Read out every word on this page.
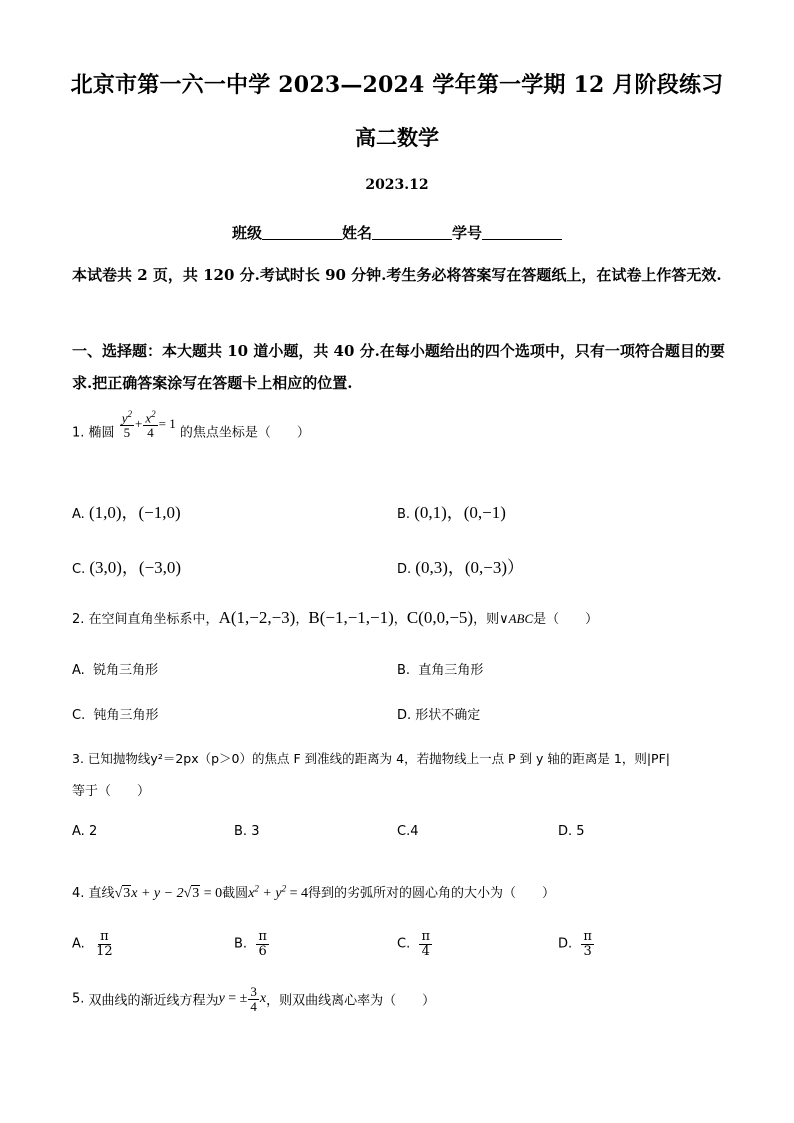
北京市第一六一中学 2023—2024 学年第一学期 12 月阶段练习
高二数学
2023.12
班级	姓名	学号
本试卷共 2 页，共 120 分.考试时长 90 分钟.考生务必将答案写在答题纸上，在试卷上作答无效.
一、选择题：本大题共 10 道小题，共 40 分.在每小题给出的四个选项中，只有一项符合题目的要求.把正确答案涂写在答题卡上相应的位置.
1. 椭圆 $\frac{y^2}{5} + \frac{x^2}{4} = 1$ 的焦点坐标是（　　）
A. (1,0)，(−1,0)	B. (0,1)，(0,−1)
C. (3,0)，(−3,0)	D. (0,3)，(0,−3)）
2. 在空间直角坐标系中，A(1,−2,−3)，B(−1,−1,−1)，C(0,0,−5)，则∨ABC是（　　）
A. 锐角三角形	B. 直角三角形
C. 钝角三角形	D. 形状不确定
3. 已知抛物线y²＝2px（p＞0）的焦点 F 到准线的距离为 4，若抛物线上一点 P 到 y 轴的距离是 1，则|PF|
等于（　　）
A. 2	B. 3	C.4	D. 5
4. 直线√3x + y − 2√3 = 0截圆$x^2 + y^2 = 4$得到的劣弧所对的圆心角的大小为（　　）
A. $\frac{\pi}{12}$	B. $\frac{\pi}{6}$	C. $\frac{\pi}{4}$	D. $\frac{\pi}{3}$
5. 双曲线的渐近线方程为y = ± $\frac{3}{4}$ x，则双曲线离心率为（　　）
